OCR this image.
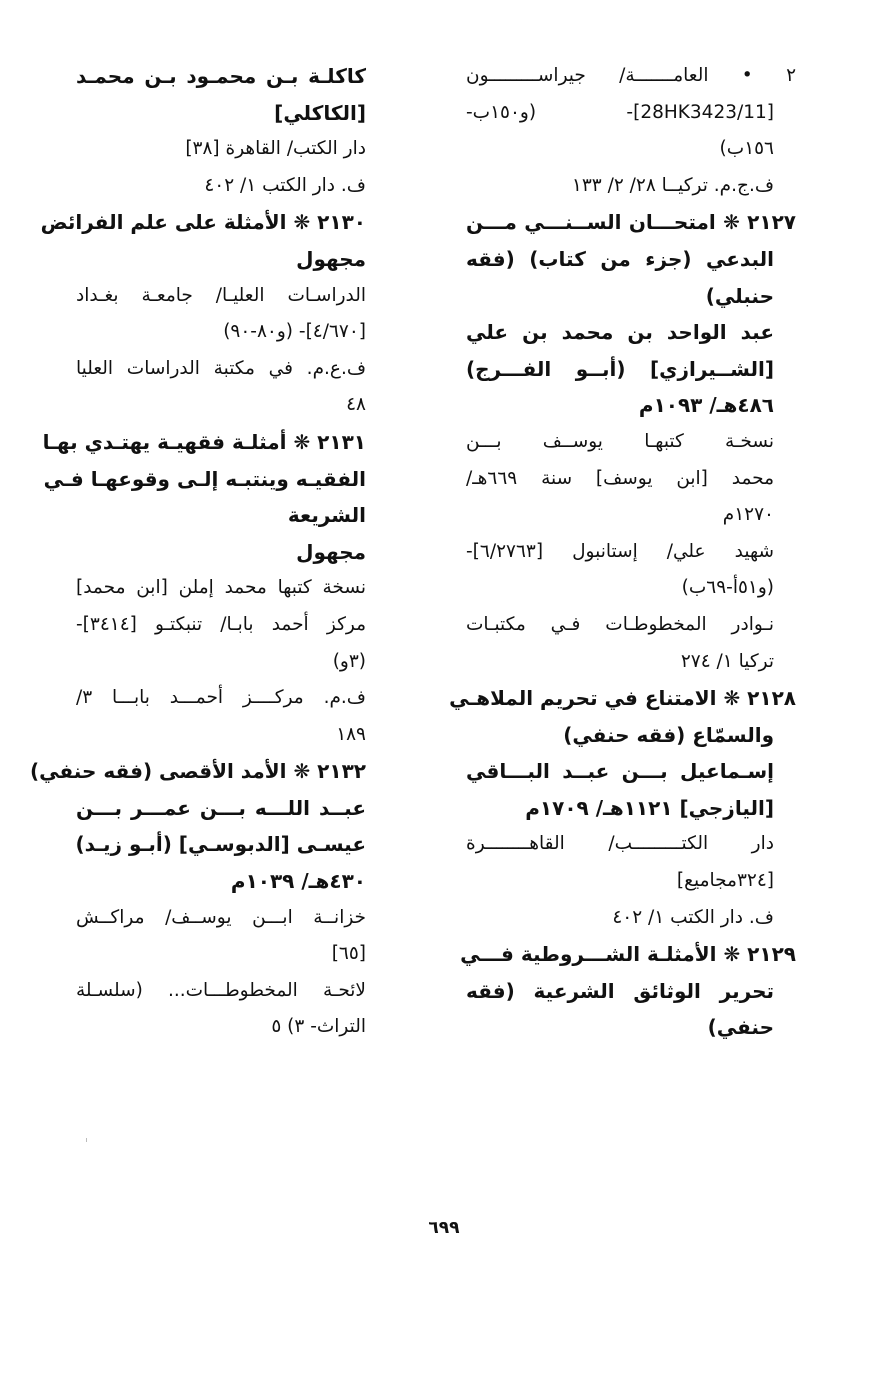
٢ • العامـــــــة/ جيراســـــــــون
[28HK3423/11]- (و١٥٠ب-
١٥٦ب)
ف.ج.م. تركيــا ٢٨/ ٢/ ١٣٣
٢١٢٧ ❋ امتحـــان الســنـــي مـــن
البدعي (جزء من كتاب) (فقه
حنبلي)
عبد الواحد بن محمد بن علي
[الشــيرازي] (أبــو الفـــرج)
٤٨٦هـ/ ١٠٩٣م
نسخـة كتبهـا يوســف بـــن
محمد [ابن يوسف] سنة ٦٦٩هـ/
١٢٧٠م
شهيد علي/ إستانبول [٦/٢٧٦٣]-
(و٥١أ-٦٩ب)
نـوادر المخطوطـات فـي مكتبـات
تركيا ١/ ٢٧٤
٢١٢٨ ❋ الامتناع في تحريم الملاهـي
والسمّاع (فقه حنفي)
إسـماعيل بـــن عبــد البـــاقي
[اليازجي] ١١٢١هـ/ ١٧٠٩م
دار الكتـــــــــب/ القاهــــــــرة
[٣٢٤مجاميع]
ف. دار الكتب ١/ ٤٠٢
٢١٢٩ ❋ الأمثلـة الشـــروطية فـــي
تحرير الوثائق الشرعية (فقه
حنفي)
كاكلـة بـن محمـود بـن محمـد
[الكاكلي]
دار الكتب/ القاهرة [٣٨]
ف. دار الكتب ١/ ٤٠٢
٢١٣٠ ❋ الأمثلة على علم الفرائض
مجهول
الدراسـات العليـا/ جامعـة بغـداد
[٤/٦٧٠]- (و٨٠-٩٠)
ف.ع.م. في مكتبة الدراسات العليا
٤٨
٢١٣١ ❋ أمثلـة فقهيـة يهتـدي بهـا
الفقيـه وينتبـه إلـى وقوعهـا فـي
الشريعة
مجهول
نسخة كتبها محمد إملن [ابن محمد]
مركز أحمد بابـا/ تنبكتـو [٣٤١٤]-
(٣و)
ف.م. مركــــز أحمـــد بابـــا ٣/
١٨٩
٢١٣٢ ❋ الأمد الأقصى (فقه حنفي)
عبــد اللـــه بـــن عمـــر بـــن
عيسـى [الدبوسـي] (أبـو زيـد)
٤٣٠هـ/ ١٠٣٩م
خزانــة ابـــن يوســف/ مراكــش
[٦٥]
لائحـة المخطوطـــات... (سلسـلة
التراث- ٣) ٥
٦٩٩
